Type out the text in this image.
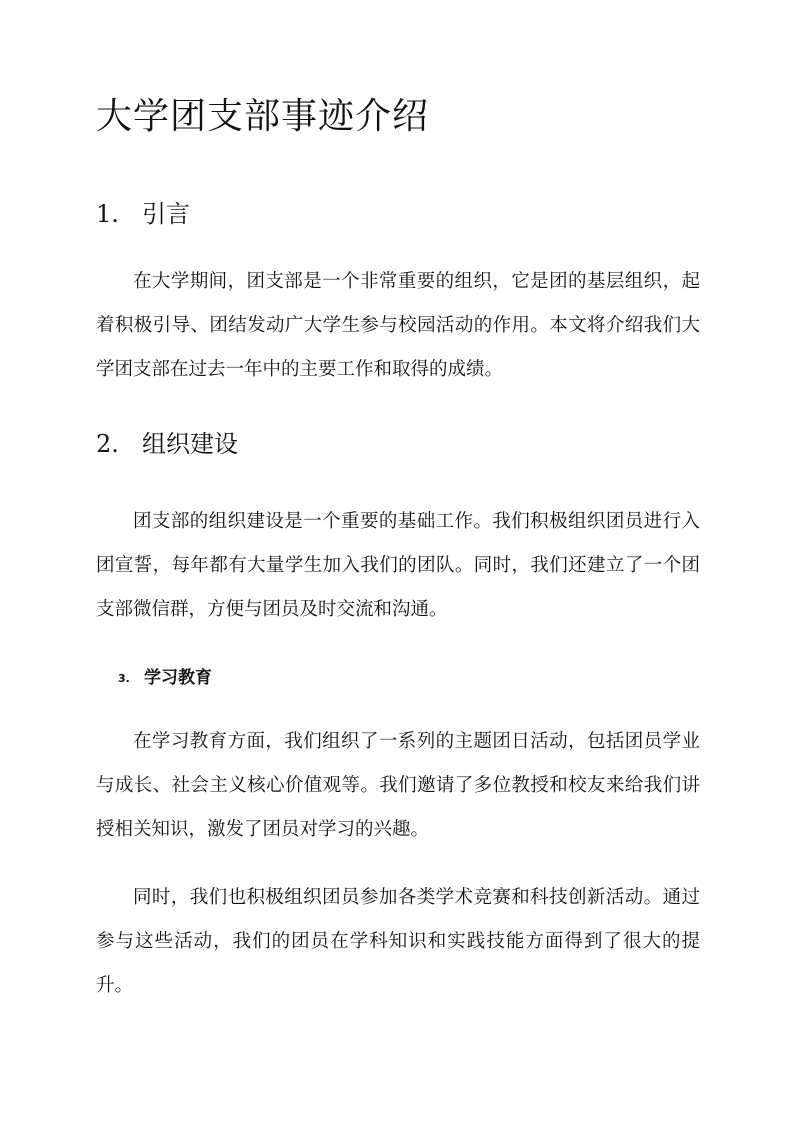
大学团支部事迹介绍
1. 引言

在大学期间，团支部是一个非常重要的组织，它是团的基层组织，起着积极引导、团结发动广大学生参与校园活动的作用。本文将介绍我们大学团支部在过去一年中的主要工作和取得的成绩。

2. 组织建设

团支部的组织建设是一个重要的基础工作。我们积极组织团员进行入团宣誓，每年都有大量学生加入我们的团队。同时，我们还建立了一个团支部微信群，方便与团员及时交流和沟通。

3. 学习教育

在学习教育方面，我们组织了一系列的主题团日活动，包括团员学业与成长、社会主义核心价值观等。我们邀请了多位教授和校友来给我们讲授相关知识，激发了团员对学习的兴趣。

同时，我们也积极组织团员参加各类学术竞赛和科技创新活动。通过参与这些活动，我们的团员在学科知识和实践技能方面得到了很大的提升。
